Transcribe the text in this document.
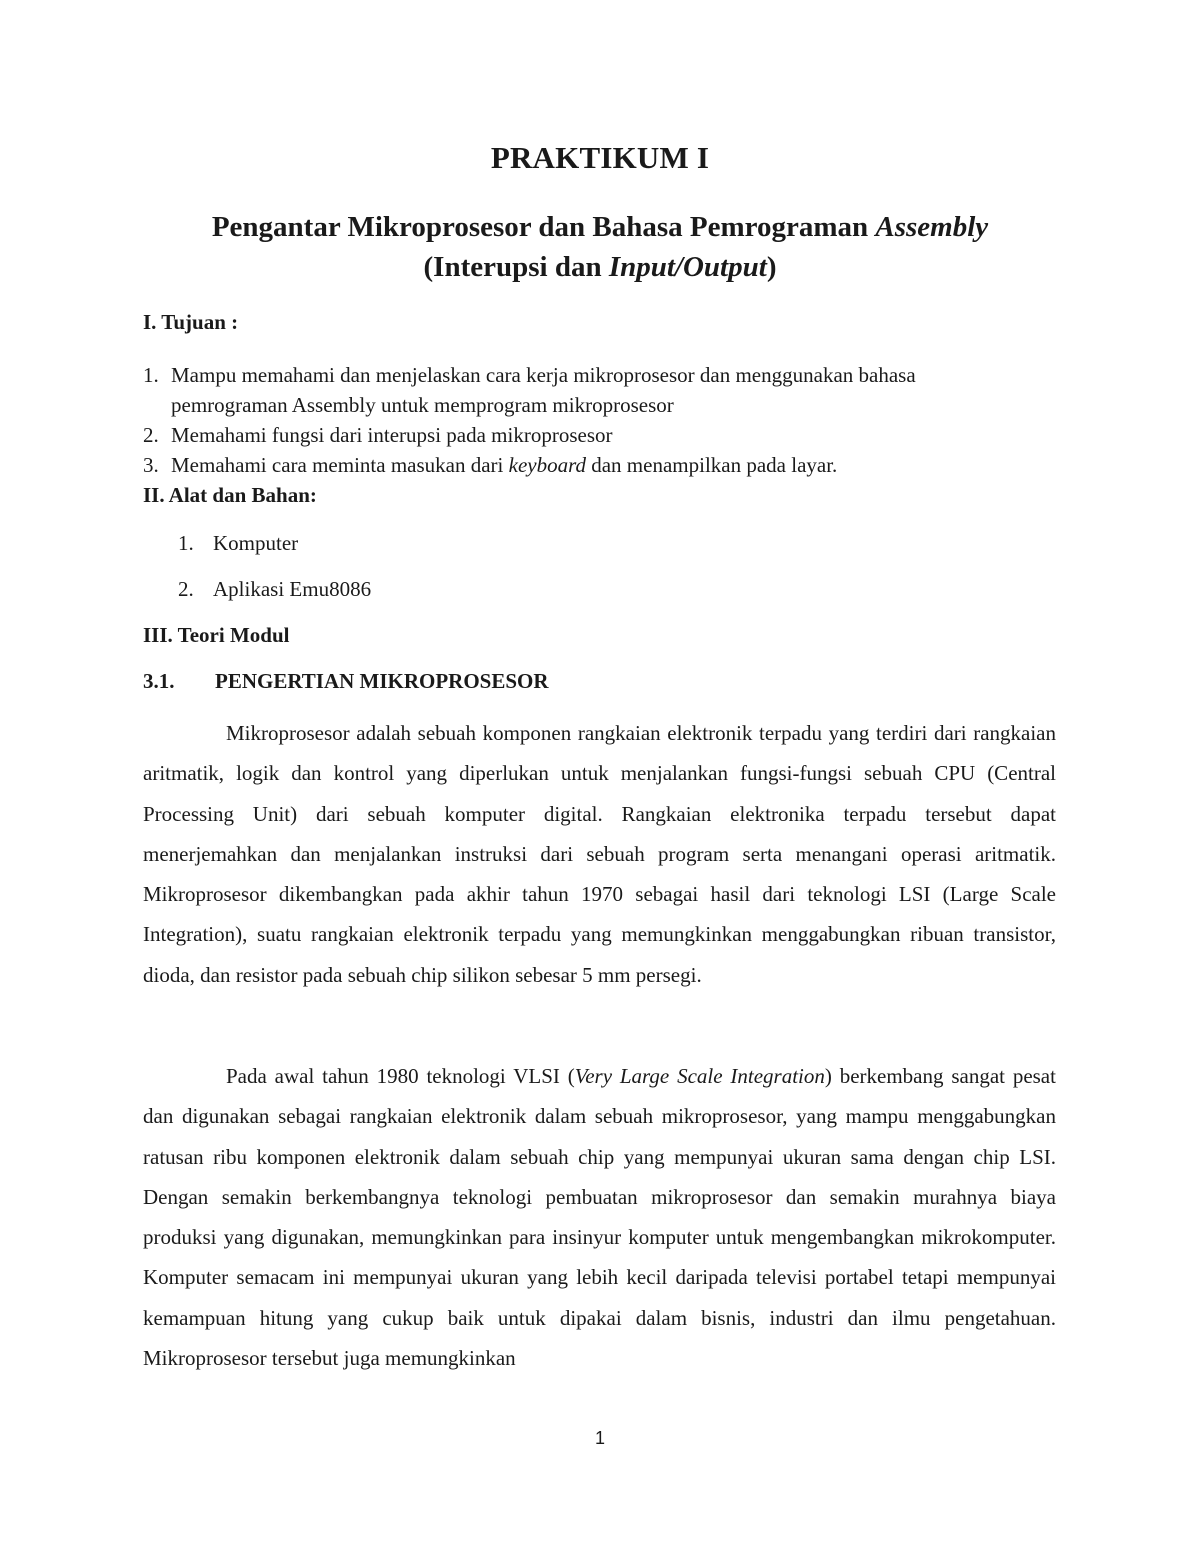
PRAKTIKUM I
Pengantar Mikroprosesor dan Bahasa Pemrograman Assembly
(Interupsi dan Input/Output)
I. Tujuan :
1. Mampu memahami dan menjelaskan cara kerja mikroprosesor dan menggunakan bahasa
pemrograman Assembly untuk memprogram mikroprosesor
2. Memahami fungsi dari interupsi pada mikroprosesor
3. Memahami cara meminta masukan dari keyboard dan menampilkan pada layar.
II. Alat dan Bahan:
1. Komputer
2. Aplikasi Emu8086
III. Teori Modul
3.1. PENGERTIAN MIKROPROSESOR

Mikroprosesor adalah sebuah komponen rangkaian elektronik terpadu yang terdiri dari rangkaian aritmatik, logik dan kontrol yang diperlukan untuk menjalankan fungsi-fungsi sebuah CPU (Central Processing Unit) dari sebuah komputer digital. Rangkaian elektronika terpadu tersebut dapat menerjemahkan dan menjalankan instruksi dari sebuah program serta menangani operasi aritmatik. Mikroprosesor dikembangkan pada akhir tahun 1970 sebagai hasil dari teknologi LSI (Large Scale Integration), suatu rangkaian elektronik terpadu yang memungkinkan menggabungkan ribuan transistor, dioda, dan resistor pada sebuah chip silikon sebesar 5 mm persegi.

Pada awal tahun 1980 teknologi VLSI (Very Large Scale Integration) berkembang sangat pesat dan digunakan sebagai rangkaian elektronik dalam sebuah mikroprosesor, yang mampu menggabungkan ratusan ribu komponen elektronik dalam sebuah chip yang mempunyai ukuran sama dengan chip LSI. Dengan semakin berkembangnya teknologi pembuatan mikroprosesor dan semakin murahnya biaya produksi yang digunakan, memungkinkan para insinyur komputer untuk mengembangkan mikrokomputer. Komputer semacam ini mempunyai ukuran yang lebih kecil daripada televisi portabel tetapi mempunyai kemampuan hitung yang cukup baik untuk dipakai dalam bisnis, industri dan ilmu pengetahuan. Mikroprosesor tersebut juga memungkinkan

1
